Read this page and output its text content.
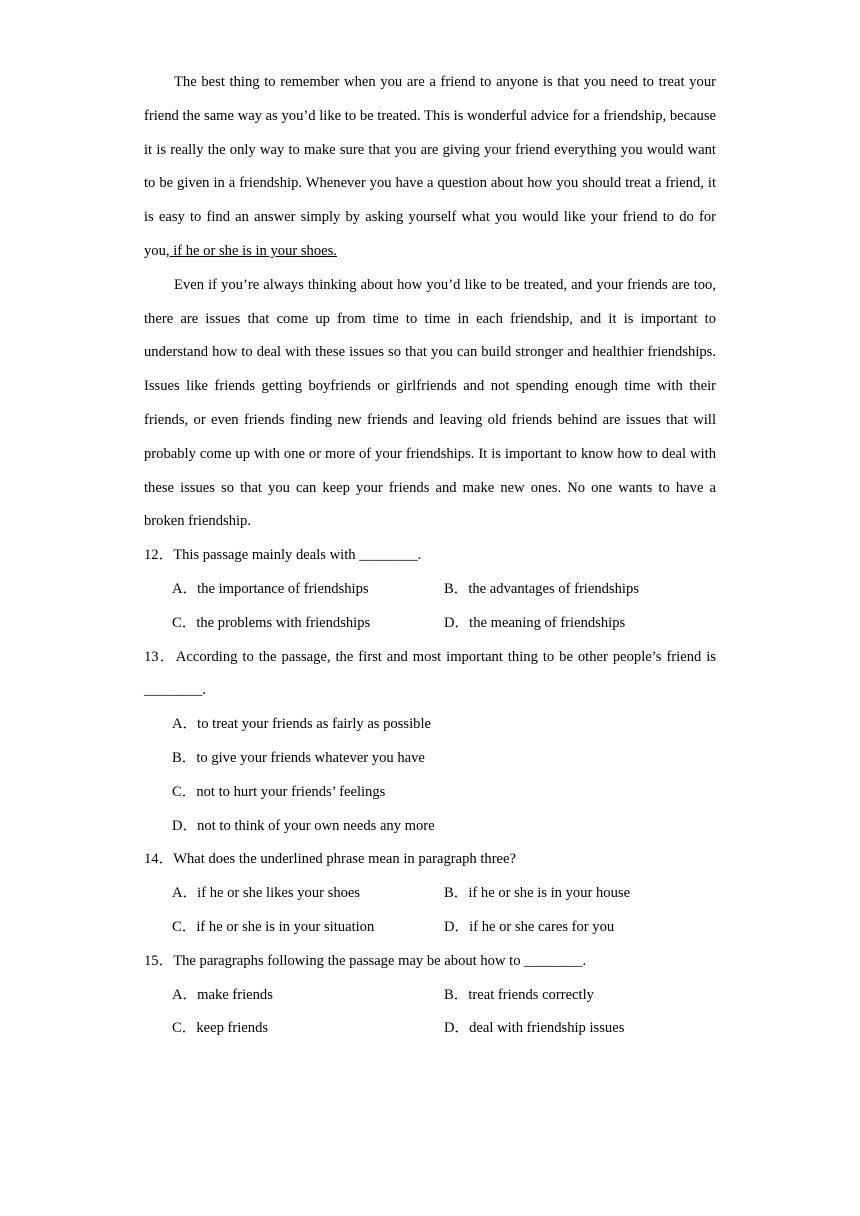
The best thing to remember when you are a friend to anyone is that you need to treat your friend the same way as you’d like to be treated. This is wonderful advice for a friendship, because it is really the only way to make sure that you are giving your friend everything you would want to be given in a friendship. Whenever you have a question about how you should treat a friend, it is easy to find an answer simply by asking yourself what you would like your friend to do for you, if he or she is in your shoes.

Even if you’re always thinking about how you’d like to be treated, and your friends are too, there are issues that come up from time to time in each friendship, and it is important to understand how to deal with these issues so that you can build stronger and healthier friendships. Issues like friends getting boyfriends or girlfriends and not spending enough time with their friends, or even friends finding new friends and leaving old friends behind are issues that will probably come up with one or more of your friendships. It is important to know how to deal with these issues so that you can keep your friends and make new ones. No one wants to have a broken friendship.

12．This passage mainly deals with ________.

A．the importance of friendships	B．the advantages of friendships
C．the problems with friendships	D．the meaning of friendships

13．According to the passage, the first and most important thing to be other people’s friend is ________.

A．to treat your friends as fairly as possible
B．to give your friends whatever you have
C．not to hurt your friends’ feelings
D．not to think of your own needs any more

14．What does the underlined phrase mean in paragraph three?

A．if he or she likes your shoes	B．if he or she is in your house
C．if he or she is in your situation	D．if he or she cares for you

15．The paragraphs following the passage may be about how to ________.

A．make friends	B．treat friends correctly
C．keep friends	D．deal with friendship issues
